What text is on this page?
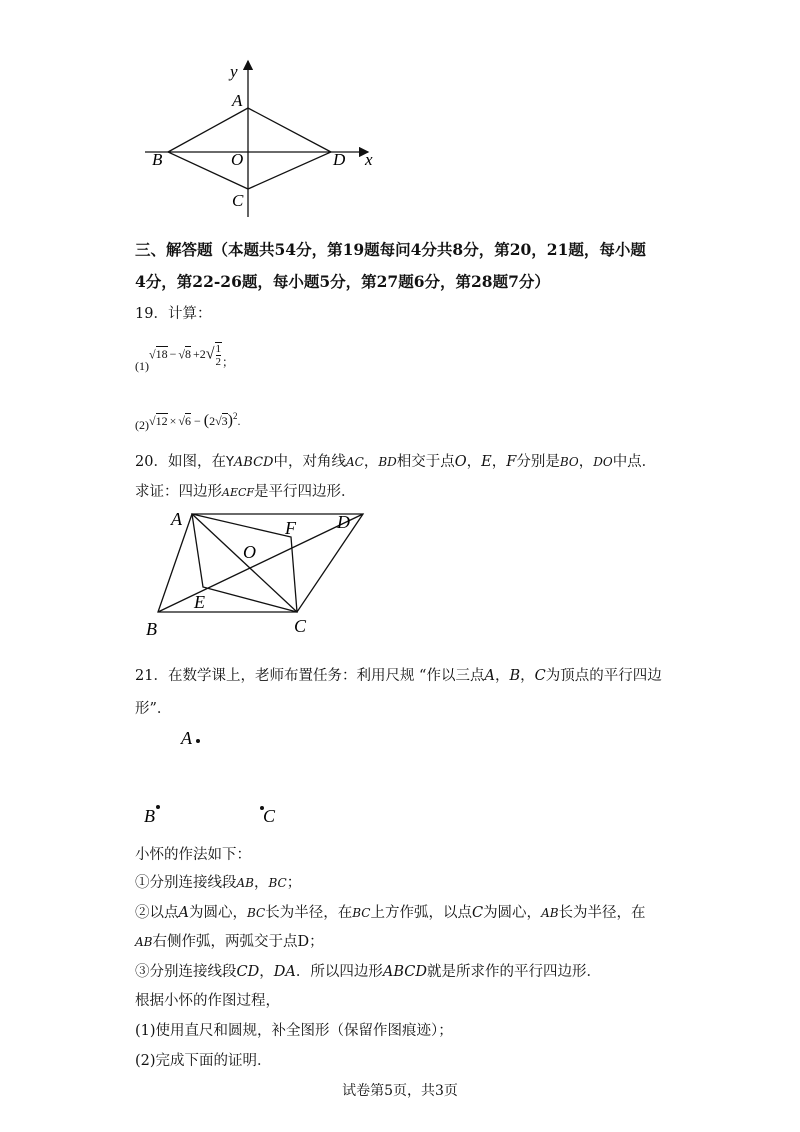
y
x
A
B	O	D
C
三、解答题（本题共54分，第19题每问4分共8分，第20，21题，每小题
4分，第22-26题，每小题5分，第27题6分，第28题7分）
19．计算：
$_{(1)}√18 - √8 +2√ \frac{1}{2} _;$
$_{(2)}√12 \times √6 - (2√3)^2$.
20．如图，在YABCD中，对角线AC，BD相交于点O，E，F分别是BO，DO中点．
求证：四边形AECF是平行四边形．
A	D
F
O
E
B	C
21．在数学课上，老师布置任务：利用尺规 “作以三点A，B，C为顶点的平行四边
形”．
A
B	C
小怀的作法如下：
①分别连接线段AB，BC；
②以点A为圆心，BC长为半径，在BC上方作弧，以点C为圆心，AB长为半径，在
AB右侧作弧，两弧交于点D；
③分别连接线段CD，DA．所以四边形ABCD就是所求作的平行四边形．
根据小怀的作图过程，
(1)使用直尺和圆规，补全图形（保留作图痕迹）；
(2)完成下面的证明．
试卷第5页，共3页
